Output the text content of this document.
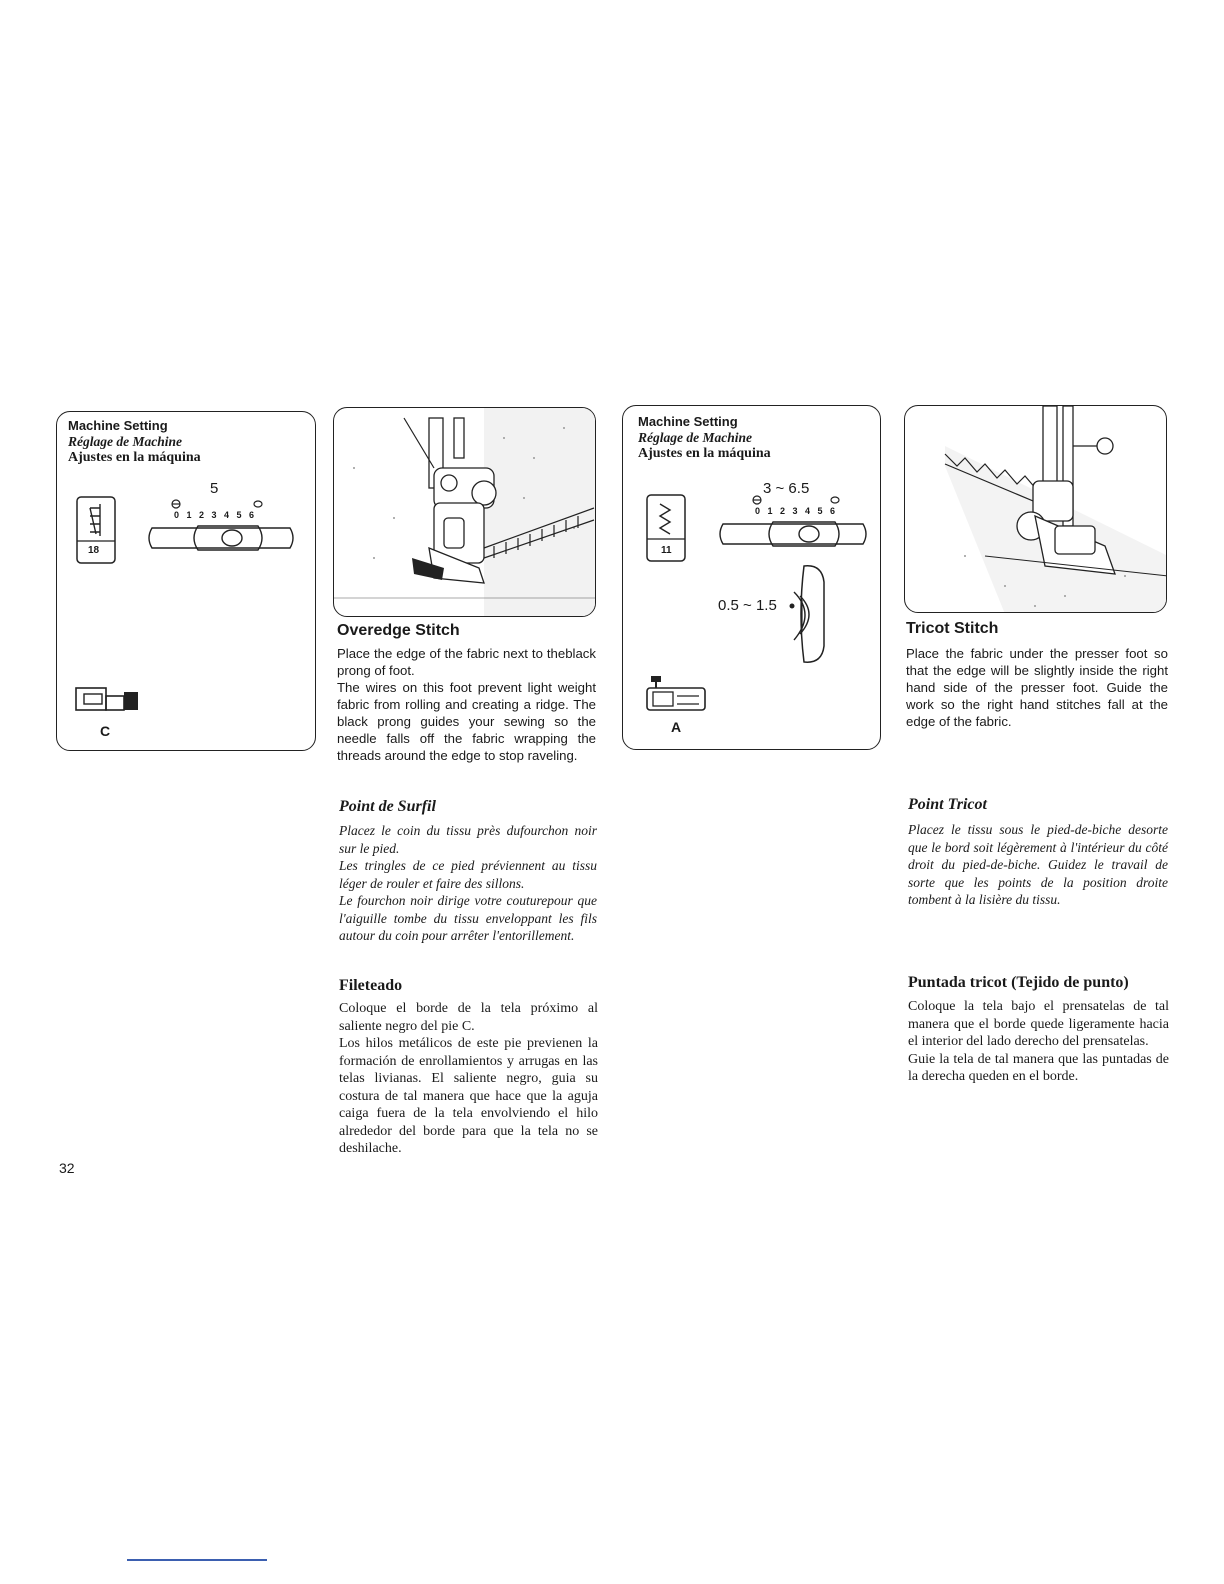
Machine Setting
Réglage de Machine
Ajustes en la máquina
5
18
0 1 2 3 4 5 6
C
Overedge Stitch

Place the edge of the fabric next to theblack prong of foot.

The wires on this foot prevent light weight fabric from rolling and creating a ridge. The black prong guides your sewing so the needle falls off the fabric wrapping the threads around the edge to stop raveling.

Point de Surfil

Placez le coin du tissu près dufourchon noir sur le pied.

Les tringles de ce pied préviennent au tissu léger de rouler et faire des sillons.

Le fourchon noir dirige votre couturepour que l'aiguille tombe du tissu enveloppant les fils autour du coin pour arrêter l'entorillement.

Fileteado

Coloque el borde de la tela próximo al saliente negro del pie C.

Los hilos metálicos de este pie previenen la formación de enrollamientos y arrugas en las telas livianas. El saliente negro, guia su costura de tal manera que hace que la aguja caiga fuera de la tela envolviendo el hilo alrededor del borde para que la tela no se deshilache.

32
Machine Setting
Réglage de Machine
Ajustes en la máquina
3 ~ 6.5
11
0 1 2 3 4 5 6
0.5 ~ 1.5
A
Tricot Stitch

Place the fabric under the presser foot so that the edge will be slightly inside the right hand side of the presser foot. Guide the work so the right hand stitches fall at the edge of the fabric.

Point Tricot

Placez le tissu sous le pied-de-biche desorte que le bord soit légèrement à l'intérieur du côté droit du pied-de-biche. Guidez le travail de sorte que les points de la position droite tombent à la lisière du tissu.

Puntada tricot (Tejido de punto)

Coloque la tela bajo el prensatelas de tal manera que el borde quede ligeramente hacia el interior del lado derecho del prensatelas.

Guie la tela de tal manera que las puntadas de la derecha queden en el borde.
